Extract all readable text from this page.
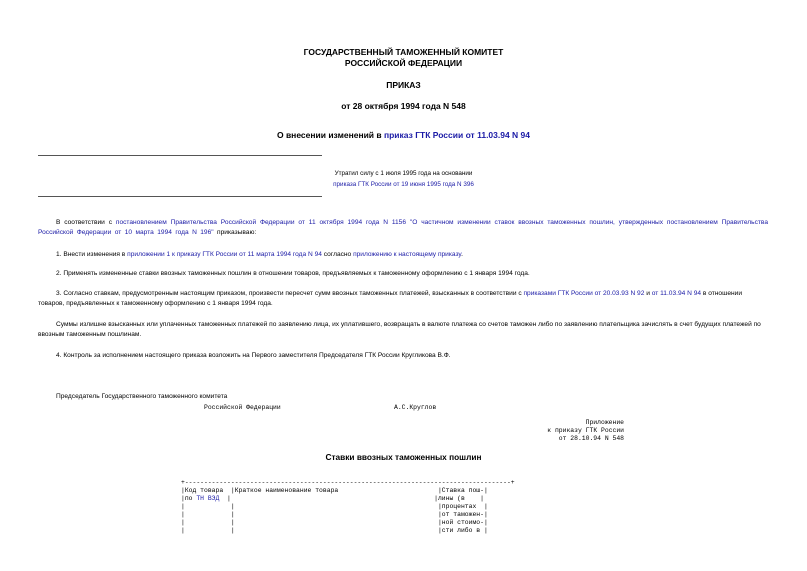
ГОСУДАРСТВЕННЫЙ ТАМОЖЕННЫЙ КОМИТЕТ
РОССИЙСКОЙ ФЕДЕРАЦИИ
ПРИКАЗ
от 28 октября 1994 года N 548
О внесении изменений в приказ ГТК России от 11.03.94 N 94
Утратил силу с 1 июля 1995 года на основании
приказа ГТК России от 19 июня 1995 года N 396
В соответствии с постановлением Правительства Российской Федерации от 11 октября 1994 года N 1156 "О частичном изменении ставок ввозных таможенных пошлин, утвержденных постановлением Правительства Российской Федерации от 10 марта 1994 года N 196" приказываю:
1. Внести изменения в приложении 1 к приказу ГТК России от 11 марта 1994 года N 94 согласно приложению к настоящему приказу.
2. Применять измененные ставки ввозных таможенных пошлин в отношении товаров, предъявляемых к таможенному оформлению с 1 января 1994 года.
3. Согласно ставкам, предусмотренным настоящим приказом, произвести пересчет сумм ввозных таможенных платежей, взысканных в соответствии с приказами ГТК России от 20.03.93 N 92 и от 11.03.94 N 94 в отношении товаров, предъявленных к таможенному оформлению с 1 января 1994 года.
Суммы излишне взысканных или уплаченных таможенных платежей по заявлению лица, их уплатившего, возвращать в валюте платежа со счетов таможен либо по заявлению плательщика зачислять в счет будущих платежей по ввозным таможенным пошлинам.
4. Контроль за исполнением настоящего приказа возложить на Первого заместителя Председателя ГТК России Кругликова В.Ф.
Председатель Государственного таможенного комитета
Российской Федерации	А.С.Круглов
Приложение
к приказу ГТК России
от 28.10.94 N 548
Ставки ввозных таможенных пошлин
+-------------------------------------------------------------------------------------+
|Код товара  |Краткое наименование товара                          |Ставка пош-|
|по ТН ВЭД  |                                                     |лины (в    |
|            |                                                     |процентах  |
|            |                                                     |от таможен-|
|            |                                                     |ной стоимо-|
|            |                                                     |сти либо в |
